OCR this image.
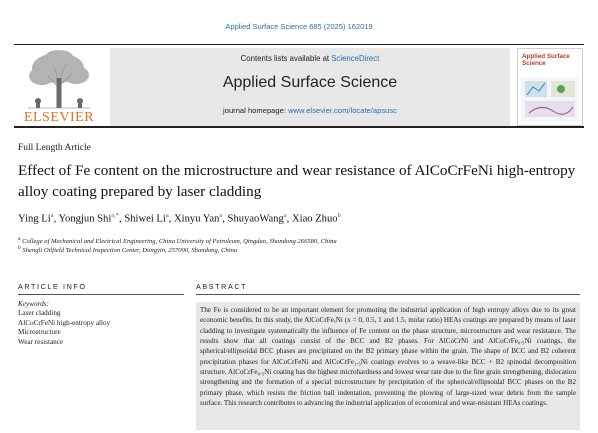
Applied Surface Science 685 (2025) 162019
ELSEVIER
Contents lists available at ScienceDirect
Applied Surface Science
journal homepage: www.elsevier.com/locate/apsusc
Applied Surface Science
Full Length Article
Effect of Fe content on the microstructure and wear resistance of AlCoCrFeNi high-entropy alloy coating prepared by laser cladding
Ying Li$^a$, Yongjun Shi$^{a,*}$, Shiwei Li$^a$, Xinyu Yan$^a$, ShuyaoWang$^a$, Xiao Zhuo$^b$
$^a$ College of Mechanical and Electrical Engineering, China University of Petroleum, Qingdao, Shandong 266580, China
$^b$ Shengli Oilfield Technical Inspection Center, Dongyin, 257000, Shandong, China
ARTICLE INFO
Keywords:
Laser cladding
AlCoCrFeNi high-entropy alloy
Microstructure
Wear resistance
ABSTRACT
The Fe is considered to be an important element for promoting the industrial application of high entropy alloys due to its great economic benefits. In this study, the AlCoCrFeₓNi (x = 0, 0.5, 1 and 1.5, molar ratio) HEAs coatings are prepared by means of laser cladding to investigate systematically the influence of Fe content on the phase structure, microstructure and wear resistance. The results show that all coatings consist of the BCC and B2 phases. For AlCoCrNi and AlCoCrFe₀.₅Ni coatings, the spherical/ellipsoidal BCC phases are precipitated on the B2 primary phase within the grain. The shape of BCC and B2 coherent precipitation phases for AlCoCrFeNi and AlCoCrFe₁.₅Ni coatings evolves to a weave-like BCC + B2 spinodal decomposition structure. AlCoCrFe₀.₅Ni coating has the highest microhardness and lowest wear rate due to the fine grain strengthening, dislocation strengthening and the formation of a special microstructure by precipitation of the spherical/ellipsoidal BCC phases on the B2 primary phase, which resists the friction ball indentation, preventing the plowing of large-sized wear debris from the sample surface. This research contributes to advancing the industrial application of economical and wear-resistant HEAs coatings.
